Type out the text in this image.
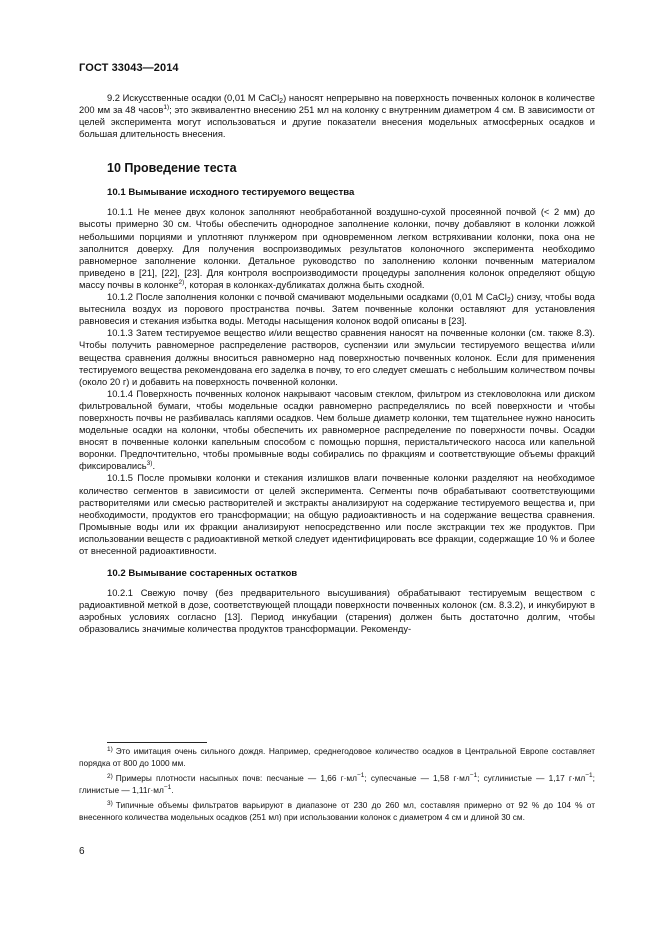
ГОСТ 33043—2014

9.2 Искусственные осадки (0,01 М CaCl$_2$) наносят непрерывно на поверхность почвенных колонок в количестве 200 мм за 48 часов$^{1)}$; это эквивалентно внесению 251 мл на колонку с внутренним диаметром 4 см. В зависимости от целей эксперимента могут использоваться и другие показатели внесения модельных атмосферных осадков и большая длительность внесения.

10 Проведение теста
10.1 Вымывание исходного тестируемого вещества

10.1.1 Не менее двух колонок заполняют необработанной воздушно-сухой просеянной почвой (< 2 мм) до высоты примерно 30 см. Чтобы обеспечить однородное заполнение колонки, почву добавляют в колонки ложкой небольшими порциями и уплотняют плунжером при одновременном легком встряхивании колонки, пока она не заполнится доверху. Для получения воспроизводимых результатов колоночного эксперимента необходимо равномерное заполнение колонки. Детальное руководство по заполнению колонки почвенным материалом приведено в [21], [22], [23]. Для контроля воспроизводимости процедуры заполнения колонок определяют общую массу почвы в колонке$^{2)}$, которая в колонках-дубликатах должна быть сходной.

10.1.2 После заполнения колонки с почвой смачивают модельными осадками (0,01 М CaCl$_2$) снизу, чтобы вода вытеснила воздух из порового пространства почвы. Затем почвенные колонки оставляют для установления равновесия и стекания избытка воды. Методы насыщения колонок водой описаны в [23].

10.1.3 Затем тестируемое вещество и/или вещество сравнения наносят на почвенные колонки (см. также 8.3). Чтобы получить равномерное распределение растворов, суспензии или эмульсии тестируемого вещества и/или вещества сравнения должны вноситься равномерно над поверхностью почвенных колонок. Если для применения тестируемого вещества рекомендована его заделка в почву, то его следует смешать с небольшим количеством почвы (около 20 г) и добавить на поверхность почвенной колонки.

10.1.4 Поверхность почвенных колонок накрывают часовым стеклом, фильтром из стекловолокна или диском фильтровальной бумаги, чтобы модельные осадки равномерно распределялись по всей поверхности и чтобы поверхность почвы не разбивалась каплями осадков. Чем больше диаметр колонки, тем тщательнее нужно наносить модельные осадки на колонки, чтобы обеспечить их равномерное распределение по поверхности почвы. Осадки вносят в почвенные колонки капельным способом с помощью поршня, перистальтического насоса или капельной воронки. Предпочтительно, чтобы промывные воды собирались по фракциям и соответствующие объемы фракций фиксировались$^{3)}$.

10.1.5 После промывки колонки и стекания излишков влаги почвенные колонки разделяют на необходимое количество сегментов в зависимости от целей эксперимента. Сегменты почв обрабатывают соответствующими растворителями или смесью растворителей и экстракты анализируют на содержание тестируемого вещества и, при необходимости, продуктов его трансформации; на общую радиоактивность и на содержание вещества сравнения. Промывные воды или их фракции анализируют непосредственно или после экстракции тех же продуктов. При использовании веществ с радиоактивной меткой следует идентифицировать все фракции, содержащие 10 % и более от внесенной радиоактивности.

10.2 Вымывание состаренных остатков

10.2.1 Свежую почву (без предварительного высушивания) обрабатывают тестируемым веществом с радиоактивной меткой в дозе, соответствующей площади поверхности почвенных колонок (см. 8.3.2), и инкубируют в аэробных условиях согласно [13]. Период инкубации (старения) должен быть достаточно долгим, чтобы образовались значимые количества продуктов трансформации. Рекоменду-

$^{1)}$ Это имитация очень сильного дождя. Например, среднегодовое количество осадков в Центральной Европе составляет порядка от 800 до 1000 мм.

$^{2)}$ Примеры плотности насыпных почв: песчаные — 1,66 $г\cdot мл^{-1}$; супесчаные — 1,58 $г\cdot мл^{-1}$; суглинистые — 1,17 $г\cdot мл^{-1}$; глинистые — $1,11г\cdot мл^{-1}$.

$^{3)}$ Типичные объемы фильтратов варьируют в диапазоне от 230 до 260 мл, составляя примерно от 92 % до 104 % от внесенного количества модельных осадков (251 мл) при использовании колонок с диаметром 4 см и длиной 30 см.

6
